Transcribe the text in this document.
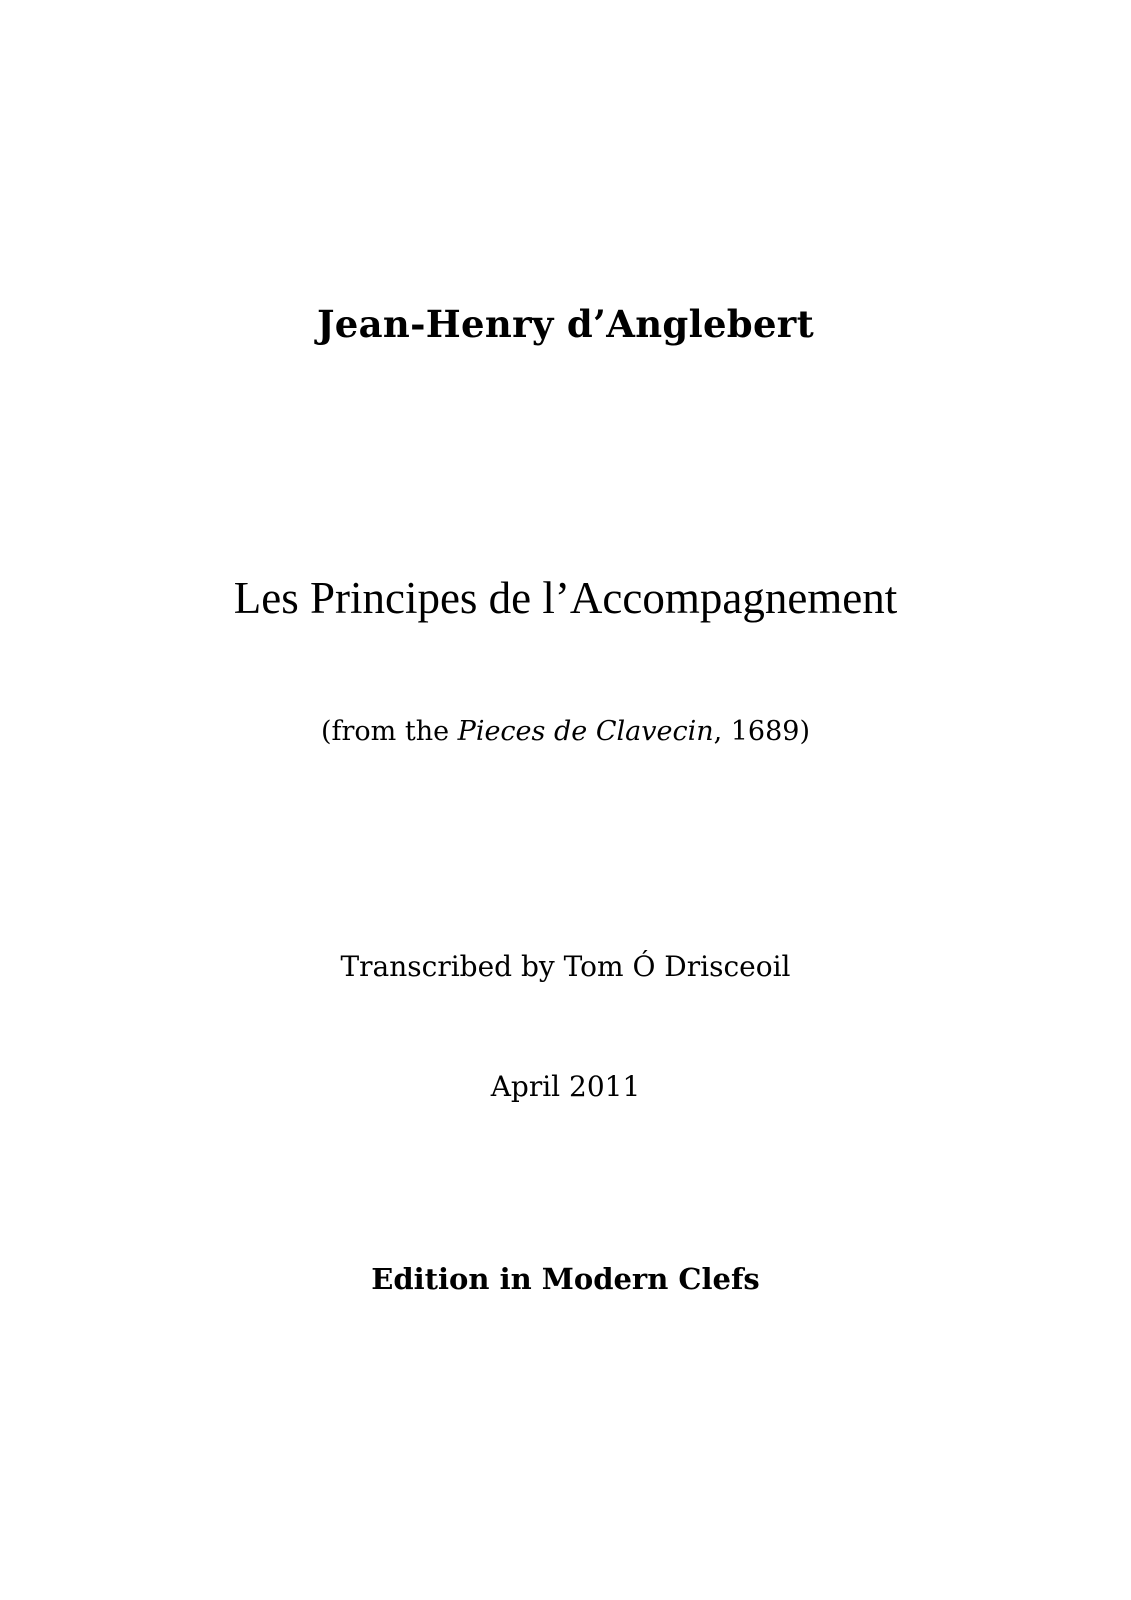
Jean-Henry d’Anglebert
Les Principes de l’Accompagnement
(from the Pieces de Clavecin, 1689)
Transcribed by Tom Ó Drisceoil
April 2011
Edition in Modern Clefs
